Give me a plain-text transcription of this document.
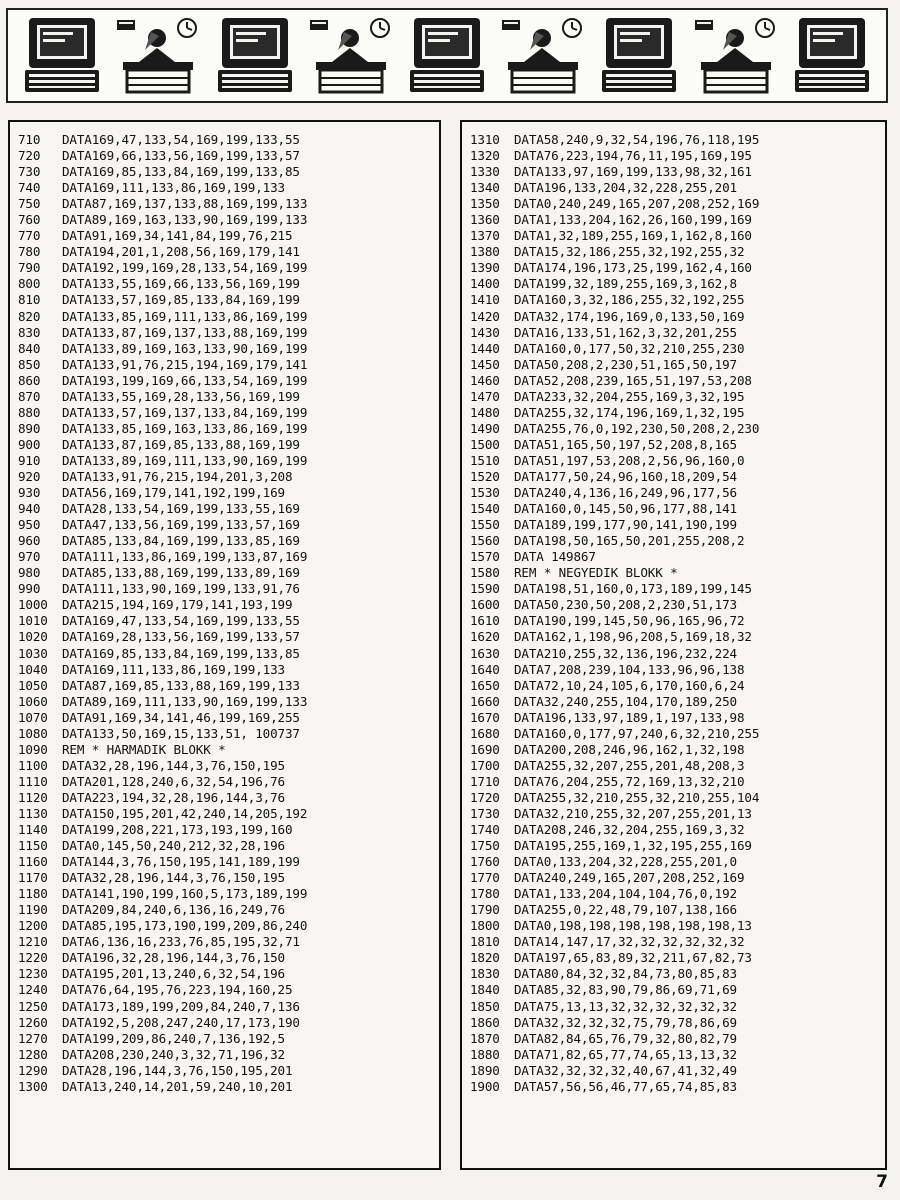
710 DATA169,47,133,54,169,199,133,55
720 DATA169,66,133,56,169,199,133,57
730 DATA169,85,133,84,169,199,133,85
740 DATA169,111,133,86,169,199,133
750 DATA87,169,137,133,88,169,199,133
760 DATA89,169,163,133,90,169,199,133
770 DATA91,169,34,141,84,199,76,215
780 DATA194,201,1,208,56,169,179,141
790 DATA192,199,169,28,133,54,169,199
800 DATA133,55,169,66,133,56,169,199
810 DATA133,57,169,85,133,84,169,199
820 DATA133,85,169,111,133,86,169,199
830 DATA133,87,169,137,133,88,169,199
840 DATA133,89,169,163,133,90,169,199
850 DATA133,91,76,215,194,169,179,141
860 DATA193,199,169,66,133,54,169,199
870 DATA133,55,169,28,133,56,169,199
880 DATA133,57,169,137,133,84,169,199
890 DATA133,85,169,163,133,86,169,199
900 DATA133,87,169,85,133,88,169,199
910 DATA133,89,169,111,133,90,169,199
920 DATA133,91,76,215,194,201,3,208
930 DATA56,169,179,141,192,199,169
940 DATA28,133,54,169,199,133,55,169
950 DATA47,133,56,169,199,133,57,169
960 DATA85,133,84,169,199,133,85,169
970 DATA111,133,86,169,199,133,87,169
980 DATA85,133,88,169,199,133,89,169
990 DATA111,133,90,169,199,133,91,76
1000 DATA215,194,169,179,141,193,199
1010 DATA169,47,133,54,169,199,133,55
1020 DATA169,28,133,56,169,199,133,57
1030 DATA169,85,133,84,169,199,133,85
1040 DATA169,111,133,86,169,199,133
1050 DATA87,169,85,133,88,169,199,133
1060 DATA89,169,111,133,90,169,199,133
1070 DATA91,169,34,141,46,199,169,255
1080 DATA133,50,169,15,133,51, 100737
1090 REM * HARMADIK BLOKK *
1100 DATA32,28,196,144,3,76,150,195
1110 DATA201,128,240,6,32,54,196,76
1120 DATA223,194,32,28,196,144,3,76
1130 DATA150,195,201,42,240,14,205,192
1140 DATA199,208,221,173,193,199,160
1150 DATA0,145,50,240,212,32,28,196
1160 DATA144,3,76,150,195,141,189,199
1170 DATA32,28,196,144,3,76,150,195
1180 DATA141,190,199,160,5,173,189,199
1190 DATA209,84,240,6,136,16,249,76
1200 DATA85,195,173,190,199,209,86,240
1210 DATA6,136,16,233,76,85,195,32,71
1220 DATA196,32,28,196,144,3,76,150
1230 DATA195,201,13,240,6,32,54,196
1240 DATA76,64,195,76,223,194,160,25
1250 DATA173,189,199,209,84,240,7,136
1260 DATA192,5,208,247,240,17,173,190
1270 DATA199,209,86,240,7,136,192,5
1280 DATA208,230,240,3,32,71,196,32
1290 DATA28,196,144,3,76,150,195,201
1300 DATA13,240,14,201,59,240,10,201
1310 DATA58,240,9,32,54,196,76,118,195
1320 DATA76,223,194,76,11,195,169,195
1330 DATA133,97,169,199,133,98,32,161
1340 DATA196,133,204,32,228,255,201
1350 DATA0,240,249,165,207,208,252,169
1360 DATA1,133,204,162,26,160,199,169
1370 DATA1,32,189,255,169,1,162,8,160
1380 DATA15,32,186,255,32,192,255,32
1390 DATA174,196,173,25,199,162,4,160
1400 DATA199,32,189,255,169,3,162,8
1410 DATA160,3,32,186,255,32,192,255
1420 DATA32,174,196,169,0,133,50,169
1430 DATA16,133,51,162,3,32,201,255
1440 DATA160,0,177,50,32,210,255,230
1450 DATA50,208,2,230,51,165,50,197
1460 DATA52,208,239,165,51,197,53,208
1470 DATA233,32,204,255,169,3,32,195
1480 DATA255,32,174,196,169,1,32,195
1490 DATA255,76,0,192,230,50,208,2,230
1500 DATA51,165,50,197,52,208,8,165
1510 DATA51,197,53,208,2,56,96,160,0
1520 DATA177,50,24,96,160,18,209,54
1530 DATA240,4,136,16,249,96,177,56
1540 DATA160,0,145,50,96,177,88,141
1550 DATA189,199,177,90,141,190,199
1560 DATA198,50,165,50,201,255,208,2
1570 DATA 149867
1580 REM * NEGYEDIK BLOKK *
1590 DATA198,51,160,0,173,189,199,145
1600 DATA50,230,50,208,2,230,51,173
1610 DATA190,199,145,50,96,165,96,72
1620 DATA162,1,198,96,208,5,169,18,32
1630 DATA210,255,32,136,196,232,224
1640 DATA7,208,239,104,133,96,96,138
1650 DATA72,10,24,105,6,170,160,6,24
1660 DATA32,240,255,104,170,189,250
1670 DATA196,133,97,189,1,197,133,98
1680 DATA160,0,177,97,240,6,32,210,255
1690 DATA200,208,246,96,162,1,32,198
1700 DATA255,32,207,255,201,48,208,3
1710 DATA76,204,255,72,169,13,32,210
1720 DATA255,32,210,255,32,210,255,104
1730 DATA32,210,255,32,207,255,201,13
1740 DATA208,246,32,204,255,169,3,32
1750 DATA195,255,169,1,32,195,255,169
1760 DATA0,133,204,32,228,255,201,0
1770 DATA240,249,165,207,208,252,169
1780 DATA1,133,204,104,104,76,0,192
1790 DATA255,0,22,48,79,107,138,166
1800 DATA0,198,198,198,198,198,198,13
1810 DATA14,147,17,32,32,32,32,32,32
1820 DATA197,65,83,89,32,211,67,82,73
1830 DATA80,84,32,32,84,73,80,85,83
1840 DATA85,32,83,90,79,86,69,71,69
1850 DATA75,13,13,32,32,32,32,32,32
1860 DATA32,32,32,32,75,79,78,86,69
1870 DATA82,84,65,76,79,32,80,82,79
1880 DATA71,82,65,77,74,65,13,13,32
1890 DATA32,32,32,32,40,67,41,32,49
1900 DATA57,56,56,46,77,65,74,85,83
7
